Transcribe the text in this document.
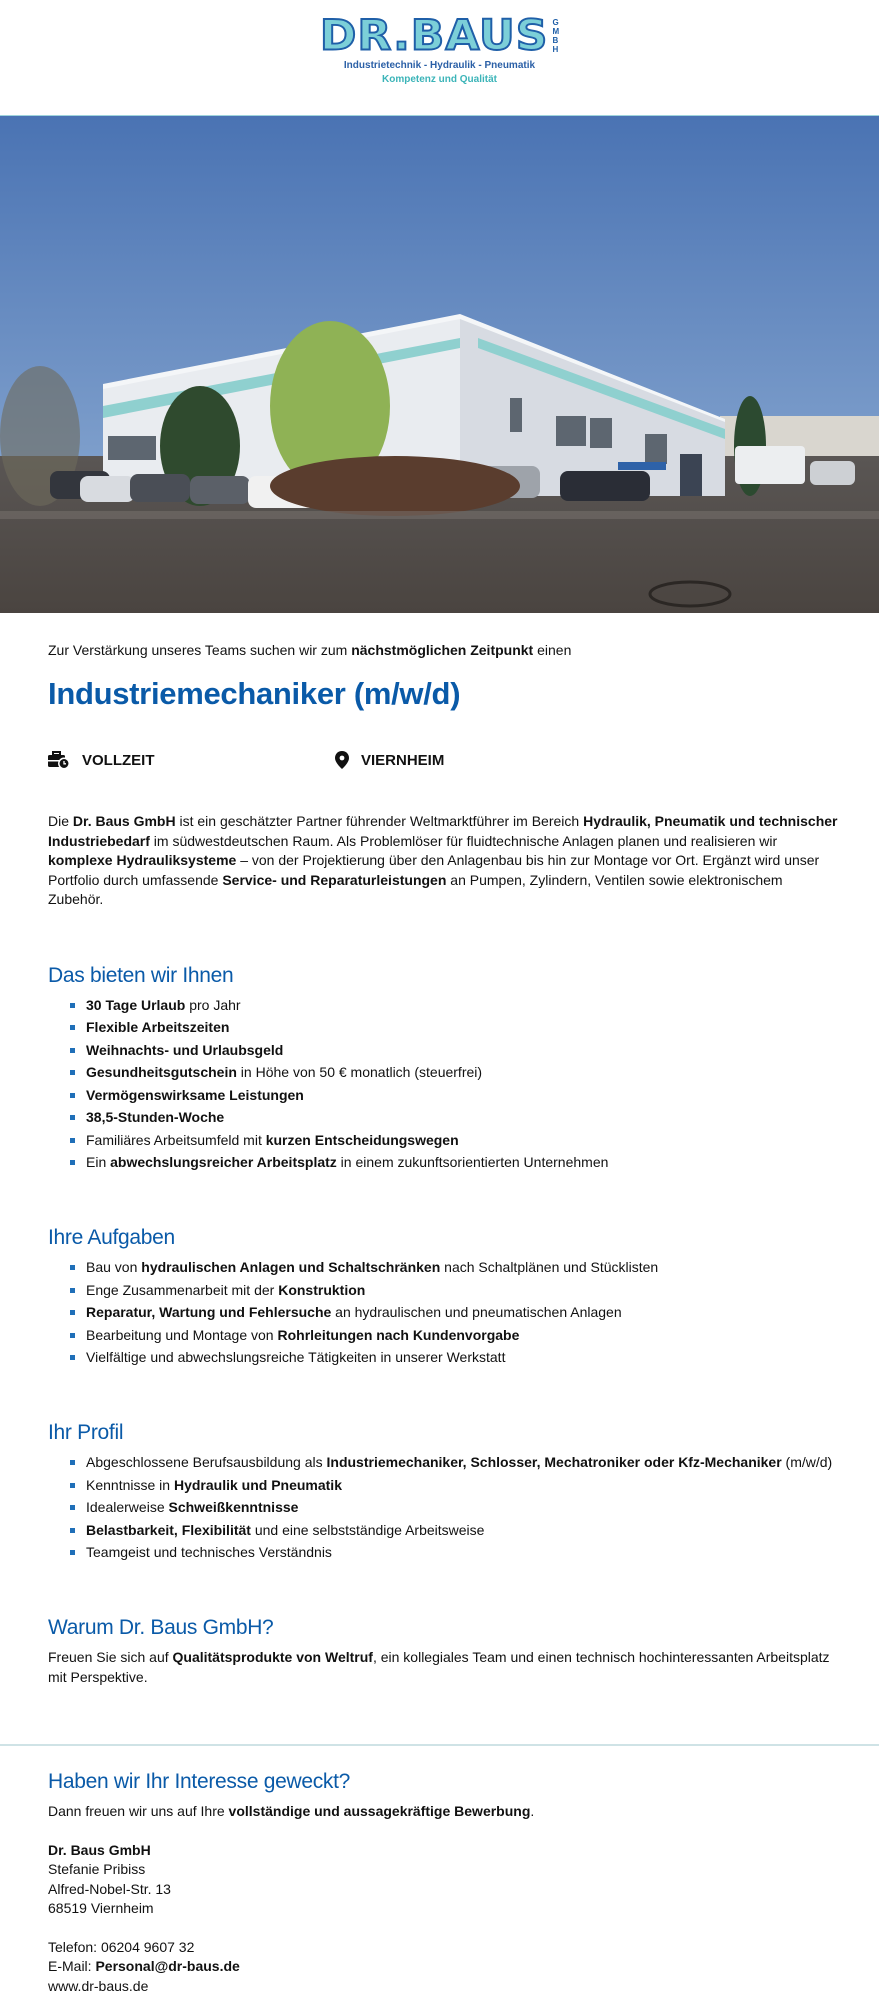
DR.BAUS G
M
B
H
Industrietechnik - Hydraulik - Pneumatik
Kompetenz und Qualität

Zur Verstärkung unseres Teams suchen wir zum nächstmöglichen Zeitpunkt einen

Industriemechaniker (m/w/d)
VOLLZEIT	VIERNHEIM

Die Dr. Baus GmbH ist ein geschätzter Partner führender Weltmarktführer im Bereich Hydraulik, Pneumatik und technischer Industriebedarf im südwestdeutschen Raum. Als Problemlöser für fluidtechnische Anlagen planen und realisieren wir komplexe Hydrauliksysteme – von der Projektierung über den Anlagenbau bis hin zur Montage vor Ort. Ergänzt wird unser Portfolio durch umfassende Service- und Reparaturleistungen an Pumpen, Zylindern, Ventilen sowie elektronischem Zubehör.

Das bieten wir Ihnen
30 Tage Urlaub pro Jahr
Flexible Arbeitszeiten
Weihnachts- und Urlaubsgeld
Gesundheitsgutschein in Höhe von 50 € monatlich (steuerfrei)
Vermögenswirksame Leistungen
38,5-Stunden-Woche
Familiäres Arbeitsumfeld mit kurzen Entscheidungswegen
Ein abwechslungsreicher Arbeitsplatz in einem zukunftsorientierten Unternehmen
Ihre Aufgaben
Bau von hydraulischen Anlagen und Schaltschränken nach Schaltplänen und Stücklisten
Enge Zusammenarbeit mit der Konstruktion
Reparatur, Wartung und Fehlersuche an hydraulischen und pneumatischen Anlagen
Bearbeitung und Montage von Rohrleitungen nach Kundenvorgabe
Vielfältige und abwechslungsreiche Tätigkeiten in unserer Werkstatt
Ihr Profil
Abgeschlossene Berufsausbildung als Industriemechaniker, Schlosser, Mechatroniker oder Kfz-Mechaniker (m/w/d)
Kenntnisse in Hydraulik und Pneumatik
Idealerweise Schweißkenntnisse
Belastbarkeit, Flexibilität und eine selbstständige Arbeitsweise
Teamgeist und technisches Verständnis
Warum Dr. Baus GmbH?

Freuen Sie sich auf Qualitätsprodukte von Weltruf, ein kollegiales Team und einen technisch hochinteressanten Arbeitsplatz mit Perspektive.

Haben wir Ihr Interesse geweckt?

Dann freuen wir uns auf Ihre vollständige und aussagekräftige Bewerbung.

Dr. Baus GmbH

Stefanie Pribiss

Alfred-Nobel-Str. 13

68519 Viernheim

Telefon: 06204 9607 32

E-Mail: Personal@dr-baus.de

www.dr-baus.de
